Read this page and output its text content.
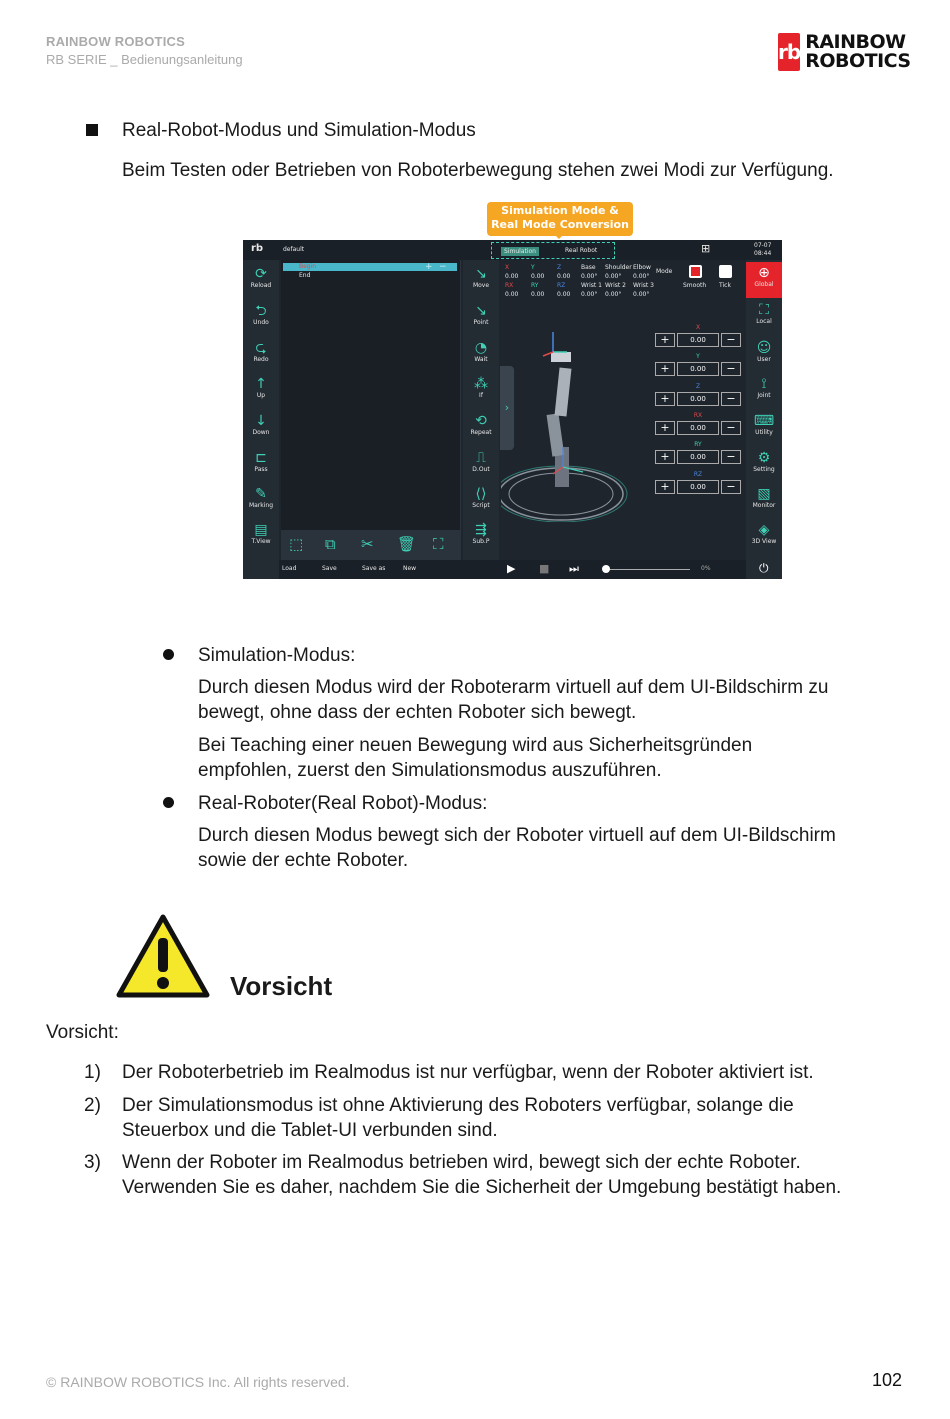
RAINBOW ROBOTICS
RB SERIE _ Bedienungsanleitung	rb RAINBOW
ROBOTICS
Real-Robot-Modus und Simulation-Modus
Beim Testen oder Betrieben von Roboterbewegung stehen zwei Modi zur Verfügung.
Simulation Mode &
Real Mode Conversion
rb	default	Simulation	Real Robot	⊞	07-07
08:44
⟳
Reload
⮌
Undo
⮎
Redo
↑
Up
↓
Down
⊏
Pass
✎
Marking
▤
T.View
Begin
End
+ −
⬚ ⧉ ✂ 🗑 ⛶
↘
Move
↘
Point
◔
Wait
⁂
If
⟲
Repeat
⎍
D.Out
⟨⟩
Script
⇶
Sub.P
›
X	Y	Z
0.00 0.00 0.00
RX	RY	RZ
0.00 0.00 0.00
Base Shoulder Elbow
0.00° 0.00° 0.00°
Wrist 1 Wrist 2 Wrist 3
0.00° 0.00° 0.00°
Mode
Smooth Tick
X
+	0.00	−
Y
+	0.00	−
Z
+	0.00	−
RX
+	0.00	−
RY
+	0.00	−
RZ
+	0.00	−
⊕
Global
⛶
Local
☺
User
⟟
Joint
⌨
Utility
⚙
Setting
▧
Monitor
◈
3D View
Load	Save	Save as	New	▶ ■ ⏭	0%	⏻
Simulation-Modus:
Durch diesen Modus wird der Roboterarm virtuell auf dem UI-Bildschirm zu
bewegt, ohne dass der echten Roboter sich bewegt.
Bei Teaching einer neuen Bewegung wird aus Sicherheitsgründen
empfohlen, zuerst den Simulationsmodus auszuführen.
Real-Roboter(Real Robot)-Modus:
Durch diesen Modus bewegt sich der Roboter virtuell auf dem UI-Bildschirm
sowie der echte Roboter.
Vorsicht
Vorsicht:
1) Der Roboterbetrieb im Realmodus ist nur verfügbar, wenn der Roboter aktiviert ist.
2) Der Simulationsmodus ist ohne Aktivierung des Roboters verfügbar, solange die
Steuerbox und die Tablet-UI verbunden sind.
3) Wenn der Roboter im Realmodus betrieben wird, bewegt sich der echte Roboter.
Verwenden Sie es daher, nachdem Sie die Sicherheit der Umgebung bestätigt haben.
© RAINBOW ROBOTICS Inc. All rights reserved.	102
